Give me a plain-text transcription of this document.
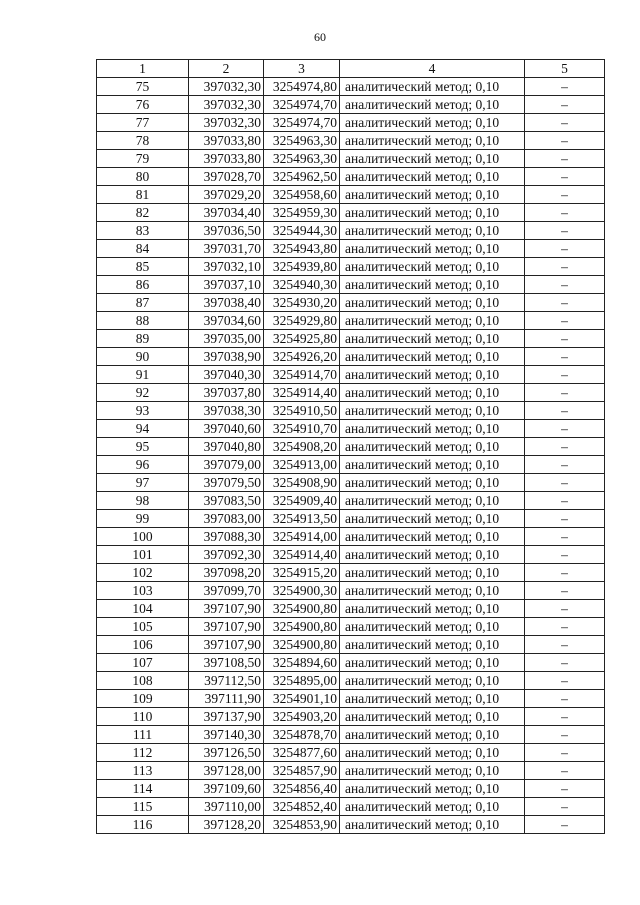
60
1	2	3	4	5
75	397032,30	3254974,80	аналитический метод; 0,10	–
76	397032,30	3254974,70	аналитический метод; 0,10	–
77	397032,30	3254974,70	аналитический метод; 0,10	–
78	397033,80	3254963,30	аналитический метод; 0,10	–
79	397033,80	3254963,30	аналитический метод; 0,10	–
80	397028,70	3254962,50	аналитический метод; 0,10	–
81	397029,20	3254958,60	аналитический метод; 0,10	–
82	397034,40	3254959,30	аналитический метод; 0,10	–
83	397036,50	3254944,30	аналитический метод; 0,10	–
84	397031,70	3254943,80	аналитический метод; 0,10	–
85	397032,10	3254939,80	аналитический метод; 0,10	–
86	397037,10	3254940,30	аналитический метод; 0,10	–
87	397038,40	3254930,20	аналитический метод; 0,10	–
88	397034,60	3254929,80	аналитический метод; 0,10	–
89	397035,00	3254925,80	аналитический метод; 0,10	–
90	397038,90	3254926,20	аналитический метод; 0,10	–
91	397040,30	3254914,70	аналитический метод; 0,10	–
92	397037,80	3254914,40	аналитический метод; 0,10	–
93	397038,30	3254910,50	аналитический метод; 0,10	–
94	397040,60	3254910,70	аналитический метод; 0,10	–
95	397040,80	3254908,20	аналитический метод; 0,10	–
96	397079,00	3254913,00	аналитический метод; 0,10	–
97	397079,50	3254908,90	аналитический метод; 0,10	–
98	397083,50	3254909,40	аналитический метод; 0,10	–
99	397083,00	3254913,50	аналитический метод; 0,10	–
100	397088,30	3254914,00	аналитический метод; 0,10	–
101	397092,30	3254914,40	аналитический метод; 0,10	–
102	397098,20	3254915,20	аналитический метод; 0,10	–
103	397099,70	3254900,30	аналитический метод; 0,10	–
104	397107,90	3254900,80	аналитический метод; 0,10	–
105	397107,90	3254900,80	аналитический метод; 0,10	–
106	397107,90	3254900,80	аналитический метод; 0,10	–
107	397108,50	3254894,60	аналитический метод; 0,10	–
108	397112,50	3254895,00	аналитический метод; 0,10	–
109	397111,90	3254901,10	аналитический метод; 0,10	–
110	397137,90	3254903,20	аналитический метод; 0,10	–
111	397140,30	3254878,70	аналитический метод; 0,10	–
112	397126,50	3254877,60	аналитический метод; 0,10	–
113	397128,00	3254857,90	аналитический метод; 0,10	–
114	397109,60	3254856,40	аналитический метод; 0,10	–
115	397110,00	3254852,40	аналитический метод; 0,10	–
116	397128,20	3254853,90	аналитический метод; 0,10	–
